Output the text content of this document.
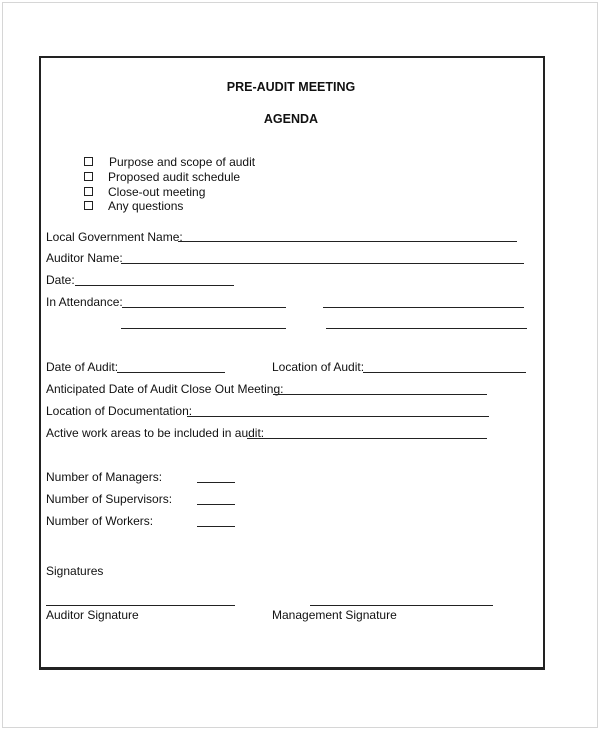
PRE-AUDIT MEETING
AGENDA
Purpose and scope of audit
Proposed audit schedule
Close-out meeting
Any questions
Local Government Name:
Auditor Name:
Date:
In Attendance:
Date of Audit:	Location of Audit:
Anticipated Date of Audit Close Out Meeting:
Location of Documentation:
Active work areas to be included in audit:
Number of Managers:
Number of Supervisors:
Number of Workers:
Signatures
Auditor Signature	Management Signature
